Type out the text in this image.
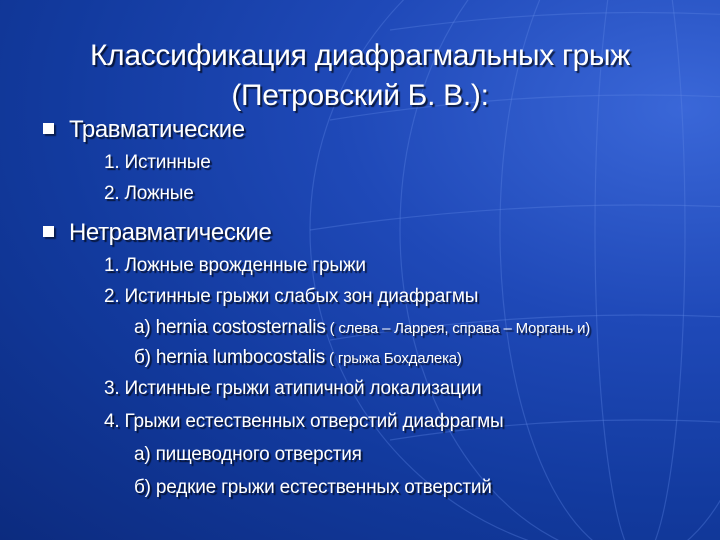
Классификация диафрагмальных грыж
(Петровский Б. В.):
Травматические
1. Истинные
2. Ложные
Нетравматические
1. Ложные врожденные грыжи
2. Истинные грыжи слабых зон диафрагмы
а) hernia costosternalis ( слева – Ларрея, справа – Моргань и)
б) hernia lumbocostalis ( грыжа Бохдалека)
3. Истинные грыжи атипичной локализации
4. Грыжи естественных отверстий диафрагмы
а) пищеводного отверстия
б) редкие грыжи естественных отверстий
